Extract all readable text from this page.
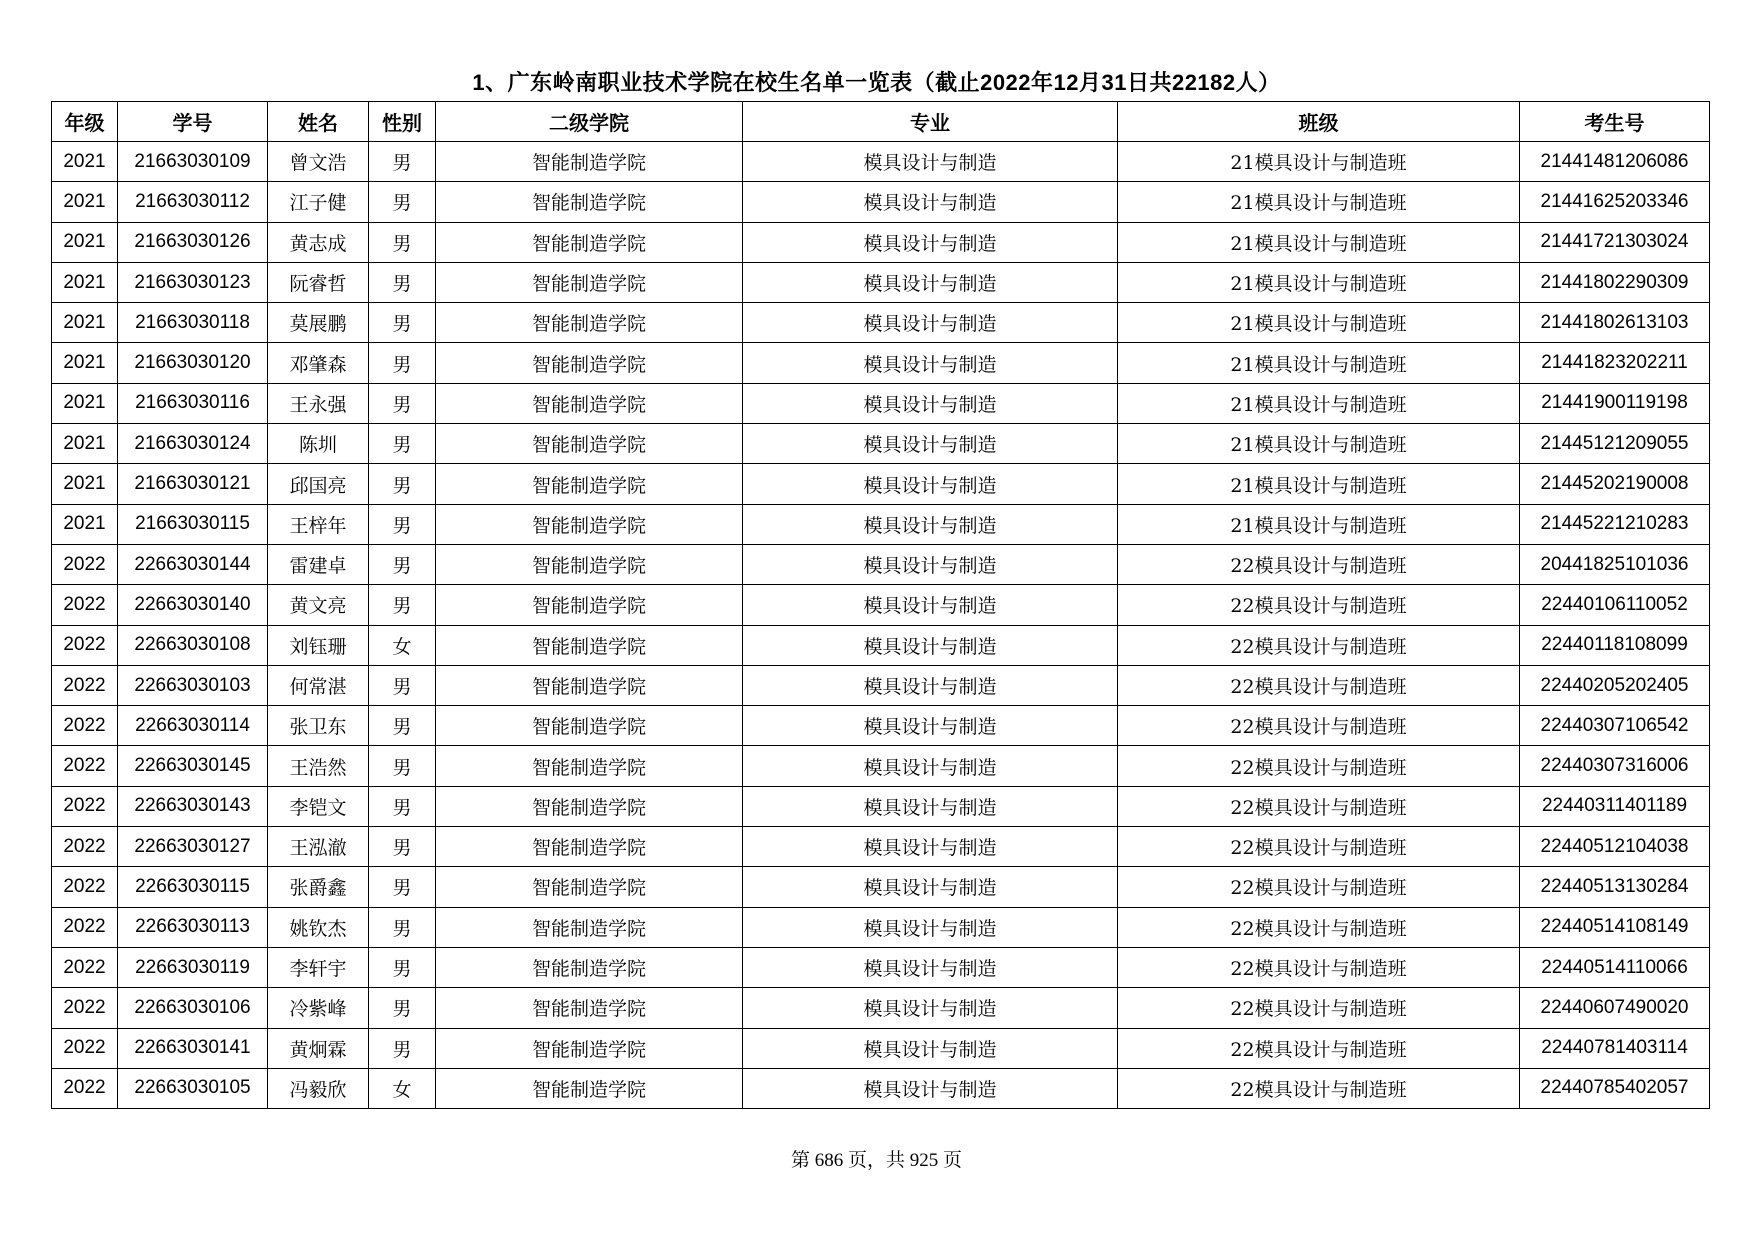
1、广东岭南职业技术学院在校生名单一览表（截止2022年12月31日共22182人）
年级	学号	姓名	性别	二级学院	专业	班级	考生号
2021	21663030109	曾文浩	男	智能制造学院	模具设计与制造	21模具设计与制造班	21441481206086
2021	21663030112	江子健	男	智能制造学院	模具设计与制造	21模具设计与制造班	21441625203346
2021	21663030126	黄志成	男	智能制造学院	模具设计与制造	21模具设计与制造班	21441721303024
2021	21663030123	阮睿哲	男	智能制造学院	模具设计与制造	21模具设计与制造班	21441802290309
2021	21663030118	莫展鹏	男	智能制造学院	模具设计与制造	21模具设计与制造班	21441802613103
2021	21663030120	邓肇森	男	智能制造学院	模具设计与制造	21模具设计与制造班	21441823202211
2021	21663030116	王永强	男	智能制造学院	模具设计与制造	21模具设计与制造班	21441900119198
2021	21663030124	陈圳	男	智能制造学院	模具设计与制造	21模具设计与制造班	21445121209055
2021	21663030121	邱国亮	男	智能制造学院	模具设计与制造	21模具设计与制造班	21445202190008
2021	21663030115	王梓年	男	智能制造学院	模具设计与制造	21模具设计与制造班	21445221210283
2022	22663030144	雷建卓	男	智能制造学院	模具设计与制造	22模具设计与制造班	20441825101036
2022	22663030140	黄文亮	男	智能制造学院	模具设计与制造	22模具设计与制造班	22440106110052
2022	22663030108	刘钰珊	女	智能制造学院	模具设计与制造	22模具设计与制造班	22440118108099
2022	22663030103	何常湛	男	智能制造学院	模具设计与制造	22模具设计与制造班	22440205202405
2022	22663030114	张卫东	男	智能制造学院	模具设计与制造	22模具设计与制造班	22440307106542
2022	22663030145	王浩然	男	智能制造学院	模具设计与制造	22模具设计与制造班	22440307316006
2022	22663030143	李铠文	男	智能制造学院	模具设计与制造	22模具设计与制造班	22440311401189
2022	22663030127	王泓澈	男	智能制造学院	模具设计与制造	22模具设计与制造班	22440512104038
2022	22663030115	张爵鑫	男	智能制造学院	模具设计与制造	22模具设计与制造班	22440513130284
2022	22663030113	姚钦杰	男	智能制造学院	模具设计与制造	22模具设计与制造班	22440514108149
2022	22663030119	李轩宇	男	智能制造学院	模具设计与制造	22模具设计与制造班	22440514110066
2022	22663030106	冷紫峰	男	智能制造学院	模具设计与制造	22模具设计与制造班	22440607490020
2022	22663030141	黄炯霖	男	智能制造学院	模具设计与制造	22模具设计与制造班	22440781403114
2022	22663030105	冯毅欣	女	智能制造学院	模具设计与制造	22模具设计与制造班	22440785402057
第 686 页，共 925 页
